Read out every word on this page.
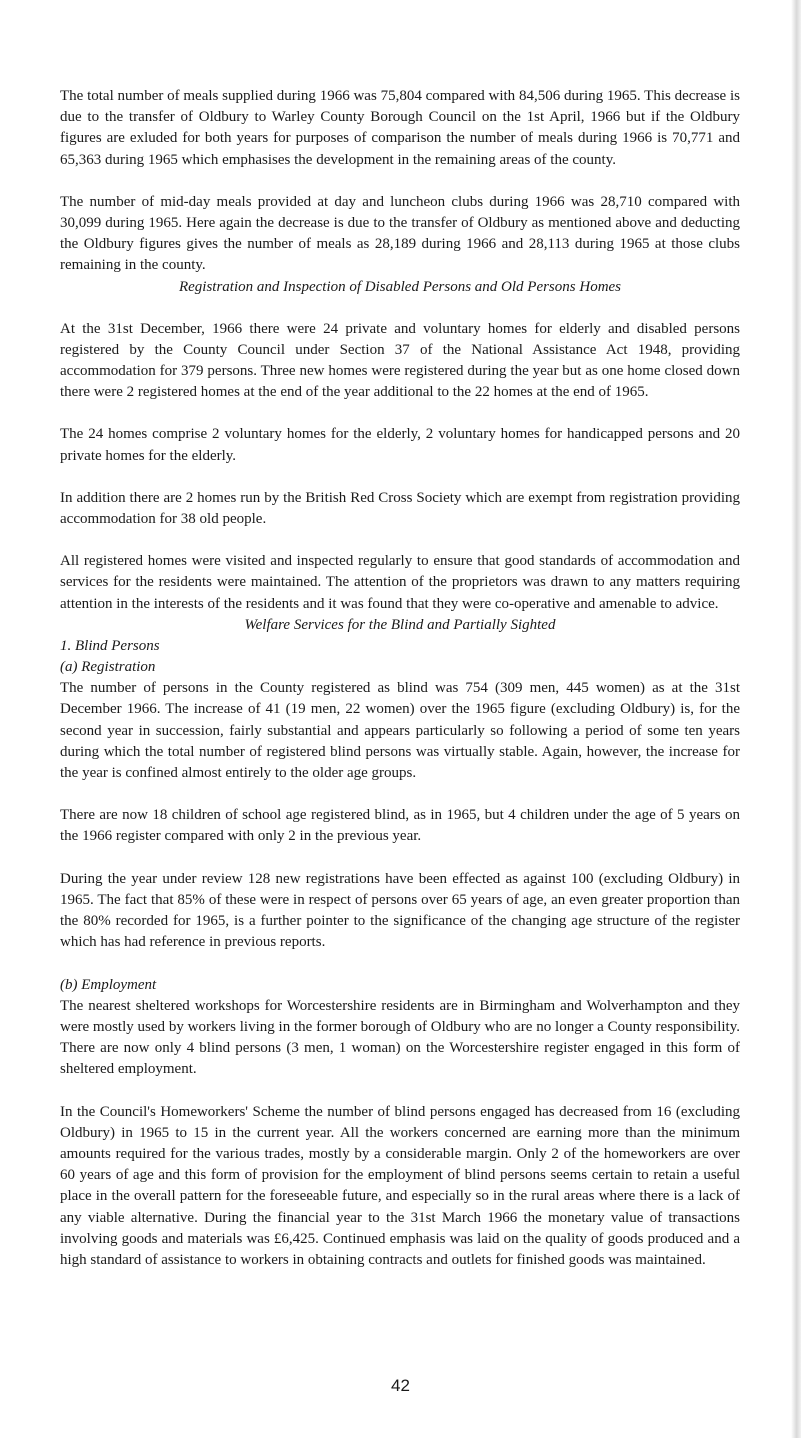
The total number of meals supplied during 1966 was 75,804 compared with 84,506 during 1965. This decrease is due to the transfer of Oldbury to Warley County Borough Council on the 1st April, 1966 but if the Oldbury figures are exluded for both years for purposes of comparison the number of meals during 1966 is 70,771 and 65,363 during 1965 which emphasises the development in the remaining areas of the county.

The number of mid-day meals provided at day and luncheon clubs during 1966 was 28,710 compared with 30,099 during 1965. Here again the decrease is due to the transfer of Oldbury as mentioned above and deducting the Oldbury figures gives the number of meals as 28,189 during 1966 and 28,113 during 1965 at those clubs remaining in the county.

Registration and Inspection of Disabled Persons and Old Persons Homes

At the 31st December, 1966 there were 24 private and voluntary homes for elderly and disabled persons registered by the County Council under Section 37 of the National Assistance Act 1948, providing accommodation for 379 persons. Three new homes were registered during the year but as one home closed down there were 2 registered homes at the end of the year additional to the 22 homes at the end of 1965.

The 24 homes comprise 2 voluntary homes for the elderly, 2 voluntary homes for handicapped persons and 20 private homes for the elderly.

In addition there are 2 homes run by the British Red Cross Society which are exempt from registration providing accommodation for 38 old people.

All registered homes were visited and inspected regularly to ensure that good standards of accommodation and services for the residents were maintained. The attention of the proprietors was drawn to any matters requiring attention in the interests of the residents and it was found that they were co-operative and amenable to advice.

Welfare Services for the Blind and Partially Sighted

1. Blind Persons

(a) Registration

The number of persons in the County registered as blind was 754 (309 men, 445 women) as at the 31st December 1966. The increase of 41 (19 men, 22 women) over the 1965 figure (excluding Oldbury) is, for the second year in succession, fairly substantial and appears particularly so following a period of some ten years during which the total number of registered blind persons was virtually stable. Again, however, the increase for the year is confined almost entirely to the older age groups.

There are now 18 children of school age registered blind, as in 1965, but 4 children under the age of 5 years on the 1966 register compared with only 2 in the previous year.

During the year under review 128 new registrations have been effected as against 100 (excluding Oldbury) in 1965. The fact that 85% of these were in respect of persons over 65 years of age, an even greater proportion than the 80% recorded for 1965, is a further pointer to the significance of the changing age structure of the register which has had reference in previous reports.

(b) Employment

The nearest sheltered workshops for Worcestershire residents are in Birmingham and Wolverhampton and they were mostly used by workers living in the former borough of Oldbury who are no longer a County responsibility. There are now only 4 blind persons (3 men, 1 woman) on the Worcestershire register engaged in this form of sheltered employment.

In the Council's Homeworkers' Scheme the number of blind persons engaged has decreased from 16 (excluding Oldbury) in 1965 to 15 in the current year. All the workers concerned are earning more than the minimum amounts required for the various trades, mostly by a considerable margin. Only 2 of the homeworkers are over 60 years of age and this form of provision for the employment of blind persons seems certain to retain a useful place in the overall pattern for the foreseeable future, and especially so in the rural areas where there is a lack of any viable alternative. During the financial year to the 31st March 1966 the monetary value of transactions involving goods and materials was £6,425. Continued emphasis was laid on the quality of goods produced and a high standard of assistance to workers in obtaining contracts and outlets for finished goods was maintained.

42
